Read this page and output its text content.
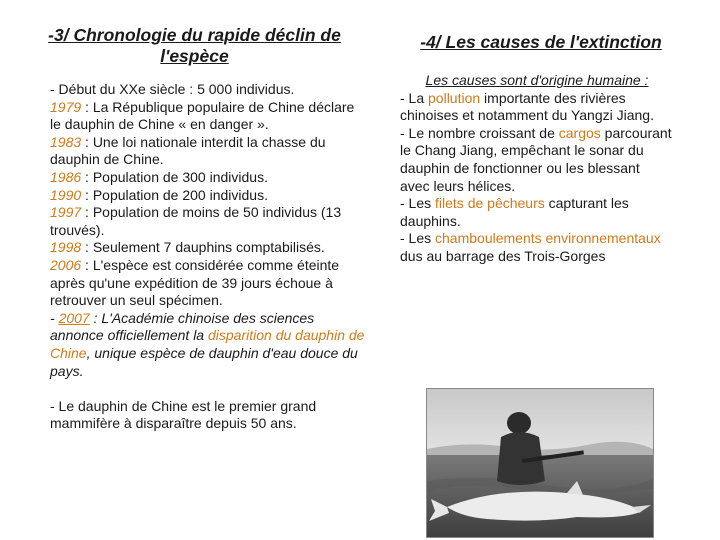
-3/ Chronologie du rapide déclin de l'espèce
-4/ Les causes de l'extinction

- Début du XXe siècle : 5 000 individus.

1979 : La République populaire de Chine déclare le dauphin de Chine « en danger ».

1983 : Une loi nationale interdit la chasse du dauphin de Chine.

1986 : Population de 300 individus.

1990 : Population de 200 individus.

1997 : Population de moins de 50 individus (13 trouvés).

1998 : Seulement 7 dauphins comptabilisés.

2006 : L'espèce est considérée comme éteinte après qu'une expédition de 39 jours échoue à retrouver un seul spécimen.

- 2007 : L'Académie chinoise des sciences annonce officiellement la disparition du dauphin de Chine, unique espèce de dauphin d'eau douce du pays.

- Le dauphin de Chine est le premier grand mammifère à disparaître depuis 50 ans.

Les causes sont d'origine humaine :

- La pollution importante des rivières chinoises et notamment du Yangzi Jiang.

- Le nombre croissant de cargos parcourant le Chang Jiang, empêchant le sonar du dauphin de fonctionner ou les blessant avec leurs hélices.

- Les filets de pêcheurs capturant les dauphins.

- Les chamboulements environnementaux dus au barrage des Trois-Gorges
